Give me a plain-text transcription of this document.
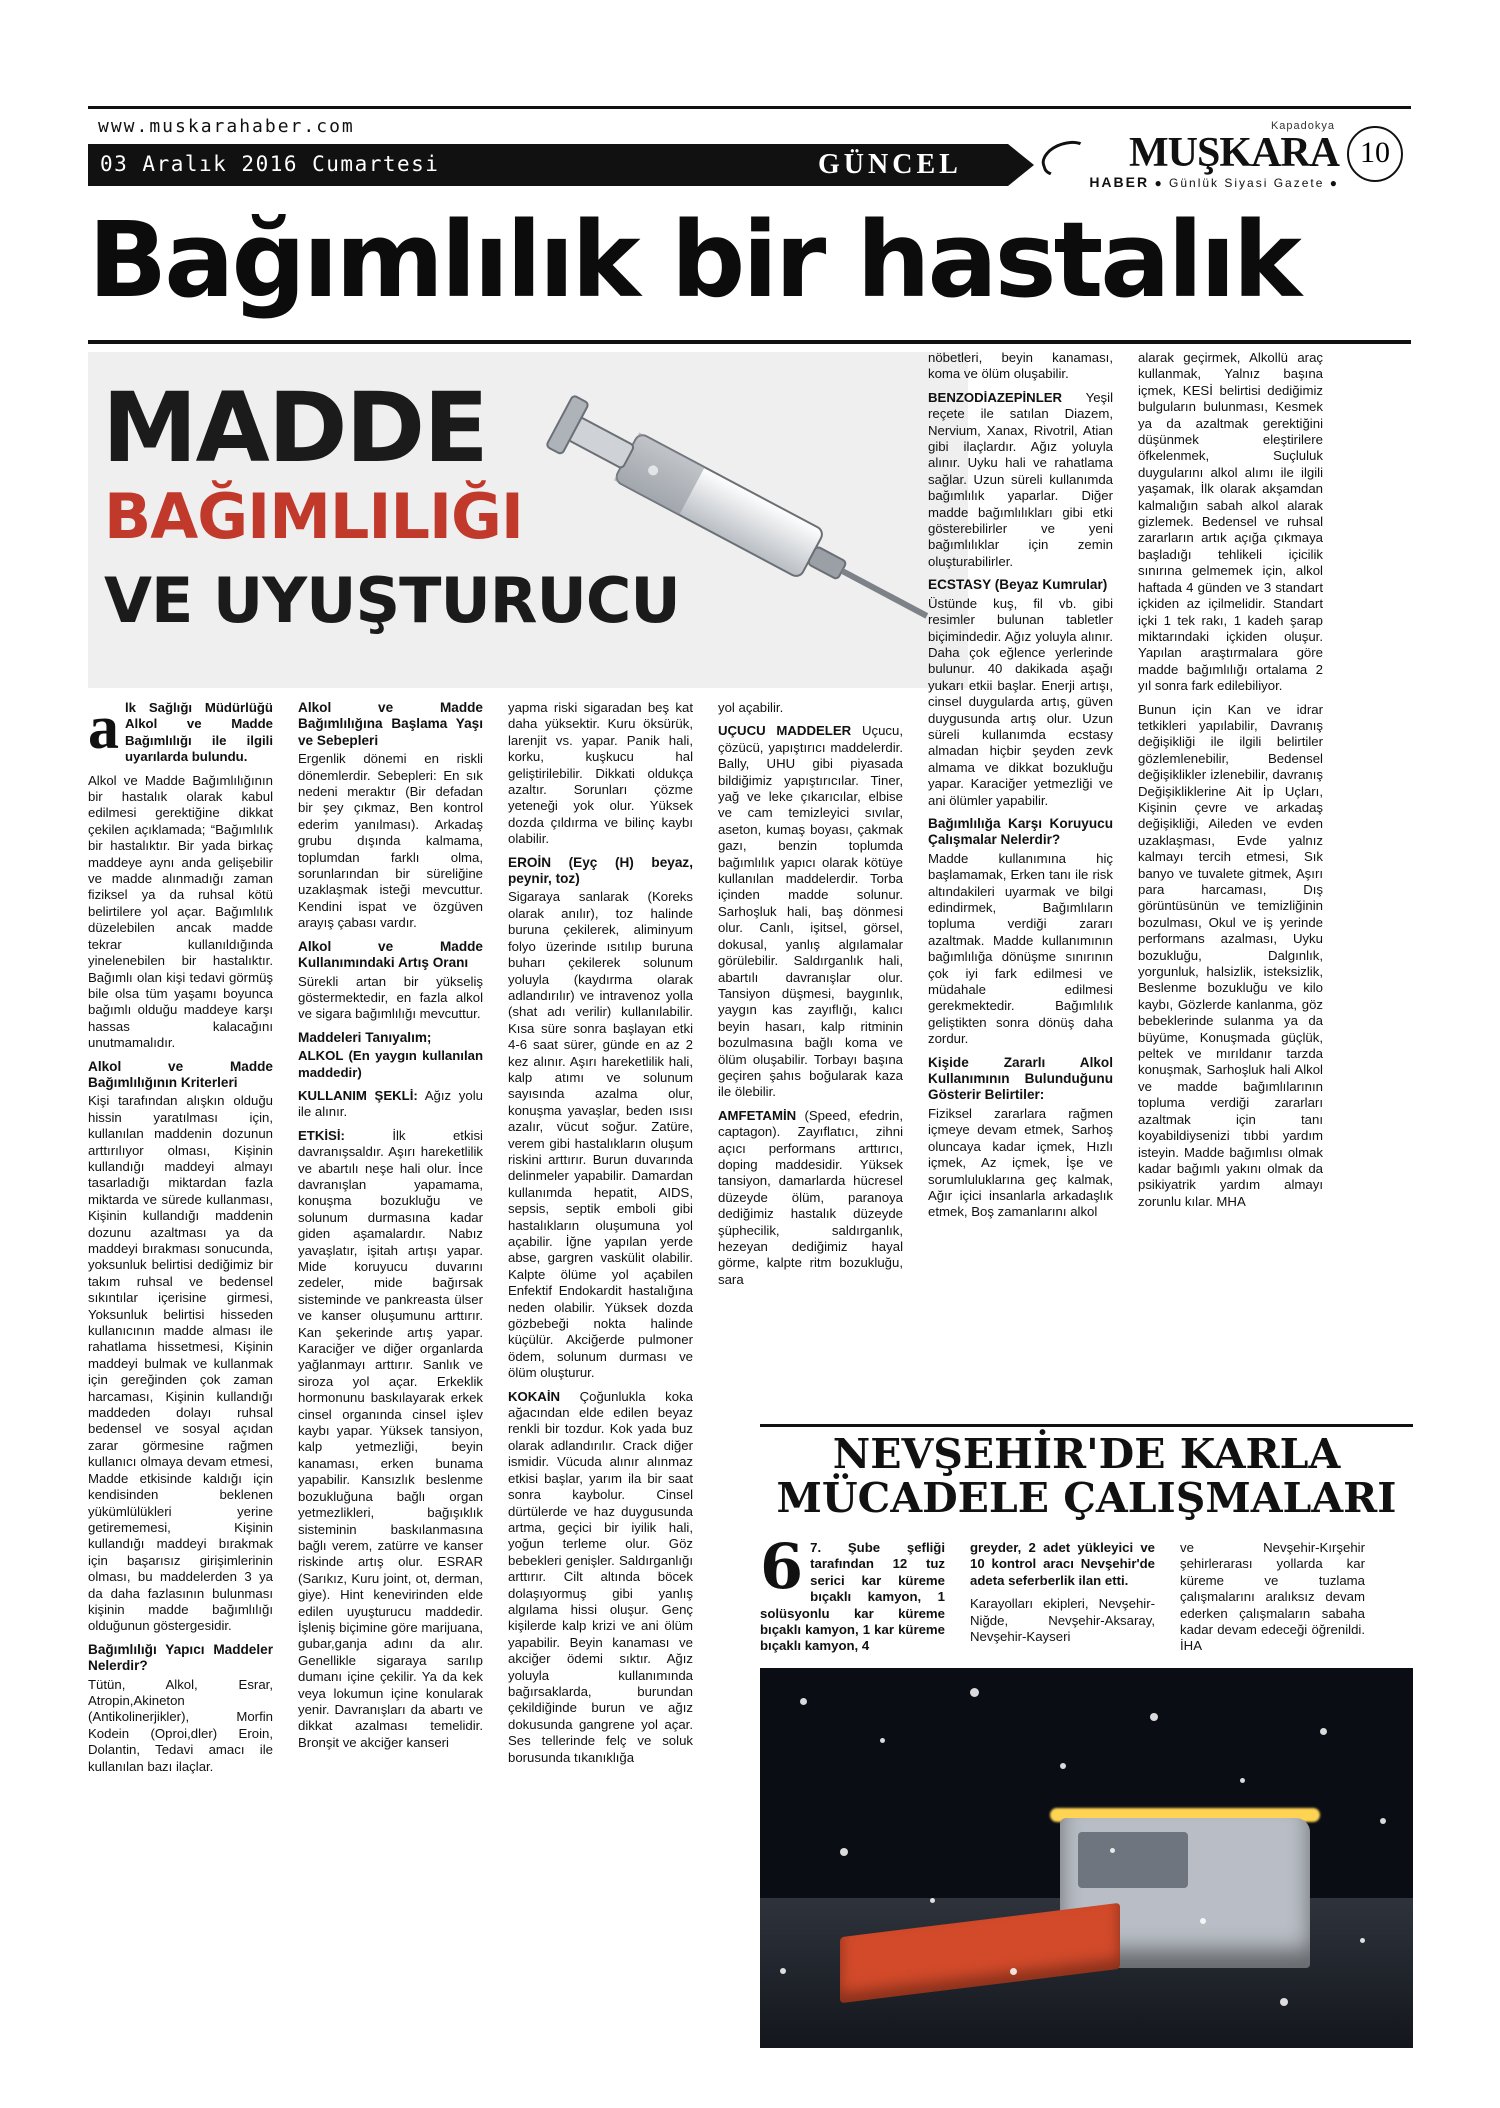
www.muskarahaber.com
03 Aralık 2016 Cumartesi	GÜNCEL
Kapadokya
MUŞKARA
HABER ● Günlük Siyasi Gazete ●
10
Bağımlılık bir hastalık
MADDE
BAĞIMLILIĞI
VE UYUŞTURUCU

alk Sağlığı Müdürlüğü Alkol ve Madde Bağımlılığı ile ilgili uyarılarda bulundu.

Alkol ve Madde Bağımlılığının bir hastalık olarak kabul edilmesi gerektiğine dikkat çekilen açıklamada; “Bağımlılık bir hastalıktır. Bir yada birkaç maddeye aynı anda gelişebilir ve madde alınmadığı zaman fiziksel ya da ruhsal kötü belirtilere yol açar. Bağımlılık düzelebilen ancak madde tekrar kullanıldığında yinelenebilen bir hastalıktır. Bağımlı olan kişi tedavi görmüş bile olsa tüm yaşamı boyunca bağımlı olduğu maddeye karşı hassas kalacağını unutmamalıdır.

Alkol ve Madde Bağımlılığının Kriterleri

Kişi tarafından alışkın olduğu hissin yaratılması için, kullanılan maddenin dozunun arttırılıyor olması, Kişinin kullandığı maddeyi almayı tasarladığı miktardan fazla miktarda ve sürede kullanması, Kişinin kullandığı maddenin dozunu azaltması ya da maddeyi bırakması sonucunda, yoksunluk belirtisi dediğimiz bir takım ruhsal ve bedensel sıkıntılar içerisine girmesi, Yoksunluk belirtisi hisseden kullanıcının madde alması ile rahatlama hissetmesi, Kişinin maddeyi bulmak ve kullanmak için gereğinden çok zaman harcaması, Kişinin kullandığı maddeden dolayı ruhsal bedensel ve sosyal açıdan zarar görmesine rağmen kullanıcı olmaya devam etmesi, Madde etkisinde kaldığı için kendisinden beklenen yükümlülükleri yerine getirememesi, Kişinin kullandığı maddeyi bırakmak için başarısız girişimlerinin olması, bu maddelerden 3 ya da daha fazlasının bulunması kişinin madde bağımlılığı olduğunun göstergesidir.

Bağımlılığı Yapıcı Maddeler Nelerdir?

Tütün, Alkol, Esrar, Atropin,Akineton (Antikolinerjikler), Morfin Kodein (Oproi,dler) Eroin, Dolantin, Tedavi amacı ile kullanılan bazı ilaçlar.

Alkol ve Madde Bağımlılığına Başlama Yaşı ve Sebepleri

Ergenlik dönemi en riskli dönemlerdir. Sebepleri: En sık nedeni meraktır (Bir defadan bir şey çıkmaz, Ben kontrol ederim yanılması). Arkadaş grubu dışında kalmama, toplumdan farklı olma, sorunlarından bir süreliğine uzaklaşmak isteği mevcuttur. Kendini ispat ve özgüven arayış çabası vardır.

Alkol ve Madde Kullanımındaki Artış Oranı

Sürekli artan bir yükseliş göstermektedir, en fazla alkol ve sigara bağımlılığı mevcuttur.

Maddeleri Tanıyalım;

ALKOL (En yaygın kullanılan maddedir)

KULLANIM ŞEKLİ: Ağız yolu ile alınır.

ETKİSİ:	İlk etkisi davranışsaldır. Aşırı hareketlilik ve abartılı neşe hali olur. İnce davranışlan yapamama, konuşma bozukluğu ve solunum durmasına kadar giden aşamalardır. Nabız yavaşlatır, işitah artışı yapar. Mide koruyucu duvarını zedeler, mide bağırsak sisteminde ve pankreasta ülser ve kanser oluşumunu arttırır. Kan şekerinde artış yapar. Karaciğer ve diğer organlarda yağlanmayı arttırır. Sanlık ve siroza yol açar. Erkeklik hormonunu baskılayarak erkek cinsel organında cinsel işlev kaybı yapar. Yüksek tansiyon, kalp yetmezliği, beyin kanaması, erken bunama yapabilir. Kansızlık beslenme bozukluğuna bağlı organ yetmezlikleri, bağışıklık sisteminin baskılanmasına bağlı verem, zatürre ve kanser riskinde artış olur. ESRAR (Sarıkız, Kuru joint, ot, derman, giye). Hint kenevirinden elde edilen uyuşturucu maddedir. İşleniş biçimine göre marijuana, gubar,ganja adını da alır. Genellikle sigaraya sarılıp dumanı içine çekilir. Ya da kek veya lokumun içine konularak yenir. Davranışları da abartı ve dikkat azalması temelidir. Bronşit ve akciğer kanseri

yapma riski sigaradan beş kat daha yüksektir. Kuru öksürük, larenjit vs. yapar. Panik hali, korku, kuşkucu hal geliştirilebilir. Dikkati oldukça azaltır. Sorunları çözme yeteneği yok olur. Yüksek dozda çıldırma ve bilinç kaybı olabilir.

EROİN (Eyç (H) beyaz, peynir, toz)

Sigaraya sanlarak (Koreks olarak anılır), toz halinde buruna çekilerek, aliminyum folyo üzerinde ısıtılıp buruna buharı çekilerek solunum yoluyla (kaydırma olarak adlandırılır) ve intravenoz yolla (shat adı verilir) kullanılabilir. Kısa süre sonra başlayan etki 4-6 saat sürer, günde en az 2 kez alınır. Aşırı hareketlilik hali, kalp atımı ve solunum sayısında azalma olur, konuşma yavaşlar, beden ısısı azalır, vücut soğur. Zatüre, verem gibi hastalıkların oluşum riskini arttırır. Burun duvarında delinmeler yapabilir. Damardan kullanımda hepatit, AIDS, sepsis, septik emboli gibi hastalıkların oluşumuna yol açabilir. İğne yapılan yerde abse, gargren vaskülit olabilir. Kalpte ölüme yol açabilen Enfektif Endokardit hastalığına neden olabilir. Yüksek dozda gözbebeği nokta halinde küçülür. Akciğerde pulmoner ödem, solunum durması ve ölüm oluşturur.

KOKAİN Çoğunlukla koka ağacından elde edilen beyaz renkli bir tozdur. Kok yada buz olarak adlandırılır. Crack diğer ismidir. Vücuda alınır alınmaz etkisi başlar, yarım ila bir saat sonra kaybolur. Cinsel dürtülerde ve haz duygusunda artma, geçici bir iyilik hali, yoğun terleme olur. Göz bebekleri genişler. Saldırganlığı arttırır. Cilt altında böcek dolaşıyormuş gibi yanlış algılama hissi oluşur. Genç kişilerde kalp krizi ve ani ölüm yapabilir. Beyin kanaması ve akciğer ödemi sıktır. Ağız yoluyla kullanımında bağırsaklarda, burundan çekildiğinde burun ve ağız dokusunda gangrene yol açar. Ses tellerinde felç ve soluk borusunda tıkanıklığa

yol açabilir.

UÇUCU MADDELER Uçucu, çözücü, yapıştırıcı maddelerdir. Bally, UHU gibi piyasada bildiğimiz yapıştırıcılar. Tiner, yağ ve leke çıkarıcılar, elbise ve cam temizleyici sıvılar, aseton, kumaş boyası, çakmak gazı, benzin toplumda bağımlılık yapıcı olarak kötüye kullanılan maddelerdir. Torba içinden madde solunur. Sarhoşluk hali, baş dönmesi olur. Canlı, işitsel, görsel, dokusal, yanlış algılamalar görülebilir. Saldırganlık hali, abartılı davranışlar olur. Tansiyon düşmesi, baygınlık, yaygın kas zayıflığı, kalıcı beyin hasarı, kalp ritminin bozulmasına bağlı koma ve ölüm oluşabilir. Torbayı başına geçiren şahıs boğularak kaza ile ölebilir.

AMFETAMİN (Speed, efedrin, captagon). Zayıflatıcı, zihni açıcı performans arttırıcı, doping maddesidir. Yüksek tansiyon, damarlarda hücresel düzeyde ölüm, paranoya dediğimiz hastalık düzeyde şüphecilik, saldırganlık, hezeyan dediğimiz hayal görme, kalpte ritm bozukluğu, sara

nöbetleri, beyin kanaması, koma ve ölüm oluşabilir.

BENZODİAZEPİNLER Yeşil reçete ile satılan Diazem, Nervium, Xanax, Rivotril, Atian gibi ilaçlardır. Ağız yoluyla alınır. Uyku hali ve rahatlama sağlar. Uzun süreli kullanımda bağımlılık yaparlar. Diğer madde bağımlılıkları gibi etki gösterebilirler ve yeni bağımlılıklar için zemin oluşturabilirler.

ECSTASY (Beyaz Kumrular)

Üstünde kuş, fil vb. gibi resimler bulunan tabletler biçimindedir. Ağız yoluyla alınır. Daha çok eğlence yerlerinde bulunur. 40 dakikada aşağı yukarı etkii başlar. Enerji artışı, cinsel duygularda artış, güven duygusunda artış olur. Uzun süreli kullanımda ecstasy almadan hiçbir şeyden zevk almama ve dikkat bozukluğu yapar. Karaciğer yetmezliği ve ani ölümler yapabilir.

Bağımlılığa Karşı Koruyucu Çalışmalar Nelerdir?

Madde kullanımına hiç başlamamak, Erken tanı ile risk altındakileri uyarmak ve bilgi edindirmek, Bağımlıların topluma verdiği zararı azaltmak. Madde kullanımının bağımlılığa dönüşme sınırının çok iyi fark edilmesi ve müdahale edilmesi gerekmektedir. Bağımlılık geliştikten sonra dönüş daha zordur.

Kişide Zararlı Alkol Kullanımının Bulunduğunu Gösterir Belirtiler:

Fiziksel zararlara rağmen içmeye devam etmek, Sarhoş oluncaya kadar içmek, Hızlı içmek, Az içmek, İşe ve sorumluluklarına geç kalmak, Ağır içici insanlarla arkadaşlık etmek, Boş zamanlarını alkol

alarak geçirmek, Alkollü araç kullanmak, Yalnız başına içmek, KESİ belirtisi dediğimiz bulguların bulunması, Kesmek ya da azaltmak gerektiğini düşünmek eleştirilere öfkelenmek, Suçluluk duygularını alkol alımı ile ilgili yaşamak, İlk olarak akşamdan kalmalığın sabah alkol alarak gizlemek. Bedensel ve ruhsal zararların artık açığa çıkmaya başladığı tehlikeli içicilik sınırına gelmemek için, alkol haftada 4 günden ve 3 standart içkiden az içilmelidir. Standart içki 1 tek rakı, 1 kadeh şarap miktarındaki içkiden oluşur. Yapılan araştırmalara göre madde bağımlılığı ortalama 2 yıl sonra fark edilebiliyor.

Bunun için Kan ve idrar tetkikleri yapılabilir, Davranış değişikliği ile ilgili belirtiler gözlemlenebilir, Bedensel değişiklikler izlenebilir, davranış Değişikliklerine Ait İp Uçları, Kişinin çevre ve arkadaş değişikliği, Aileden ve evden uzaklaşması, Evde yalnız kalmayı tercih etmesi, Sık banyo ve tuvalete gitmek, Aşırı para harcaması, Dış görüntüsünün ve temizliğinin bozulması, Okul ve iş yerinde performans azalması, Uyku bozukluğu, Dalgınlık, yorgunluk, halsizlik, isteksizlik, Beslenme bozukluğu ve kilo kaybı, Gözlerde kanlanma, göz bebeklerinde sulanma ya da büyüme, Konuşmada güçlük, peltek ve mırıldanır tarzda konuşmak, Sarhoşluk hali Alkol ve madde bağımlılarının topluma verdiği zararları azaltmak için tanı koyabildiysenizi tıbbi yardım isteyin. Madde bağımlısı olmak kadar bağımlı yakını olmak da psikiyatrik yardım almayı zorunlu kılar. MHA

NEVŞEHİR'DE KARLA
MÜCADELE ÇALIŞMALARI

6 7. Şube şefliği tarafından 12 tuz serici kar küreme bıçaklı kamyon, 1 solüsyonlu kar küreme bıçaklı kamyon, 1 kar küreme bıçaklı kamyon, 4

greyder, 2 adet yükleyici ve 10 kontrol aracı Nevşehir'de adeta seferberlik ilan etti.

Karayolları ekipleri, Nevşehir-Niğde, Nevşehir-Aksaray, Nevşehir-Kayseri

ve Nevşehir-Kırşehir şehirlerarası yollarda kar küreme ve tuzlama çalışmalarını aralıksız devam ederken çalışmaların sabaha kadar devam edeceği öğrenildi. İHA
